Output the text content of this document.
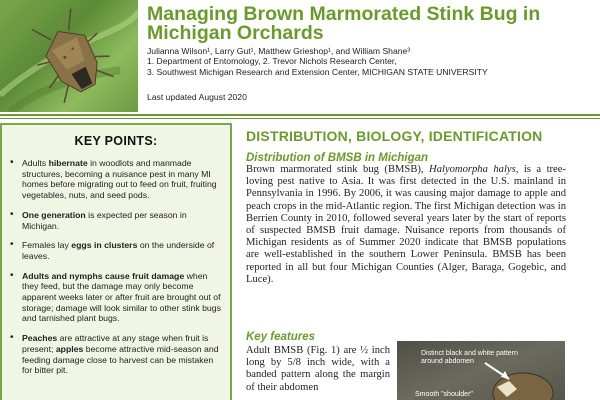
Managing Brown Marmorated Stink Bug in Michigan Orchards
Julianna Wilson¹, Larry Gut¹, Matthew Grieshop¹, and William Shane³
1. Department of Entomology, 2. Trevor Nichols Research Center,
3. Southwest Michigan Research and Extension Center, MICHIGAN STATE UNIVERSITY
Last updated August 2020
KEY POINTS:
• Adults hibernate in woodlots and manmade structures, becoming a nuisance pest in many MI homes before migrating out to feed on fruit, fruiting vegetables, nuts, and seed pods.
• One generation is expected per season in Michigan.
• Females lay eggs in clusters on the underside of leaves.
• Adults and nymphs cause fruit damage when they feed, but the damage may only become apparent weeks later or after fruit are brought out of storage; damage will look similar to other stink bugs and tarnished plant bugs.
• Peaches are attractive at any stage when fruit is present; apples become attractive mid-season and feeding damage close to harvest can be mistaken for bitter pit.
DISTRIBUTION, BIOLOGY, IDENTIFICATION
Distribution of BMSB in Michigan

Brown marmorated stink bug (BMSB), Halyomorpha halys, is a tree-loving pest native to Asia. It was first detected in the U.S. mainland in Pennsylvania in 1996. By 2006, it was causing major damage to apple and peach crops in the mid-Atlantic region. The first Michigan detection was in Berrien County in 2010, followed several years later by the start of reports of suspected BMSB fruit damage. Nuisance reports from thousands of Michigan residents as of Summer 2020 indicate that BMSB populations are well-established in the southern Lower Peninsula. BMSB has been reported in all but four Michigan Counties (Alger, Baraga, Gogebic, and Luce).

Key features

Adult BMSB (Fig. 1) are ½ inch long by 5/8 inch wide, with a banded pattern along the margin of their abdomen

Distinct black and white pattern
around abdomen
Smooth "shoulder"
